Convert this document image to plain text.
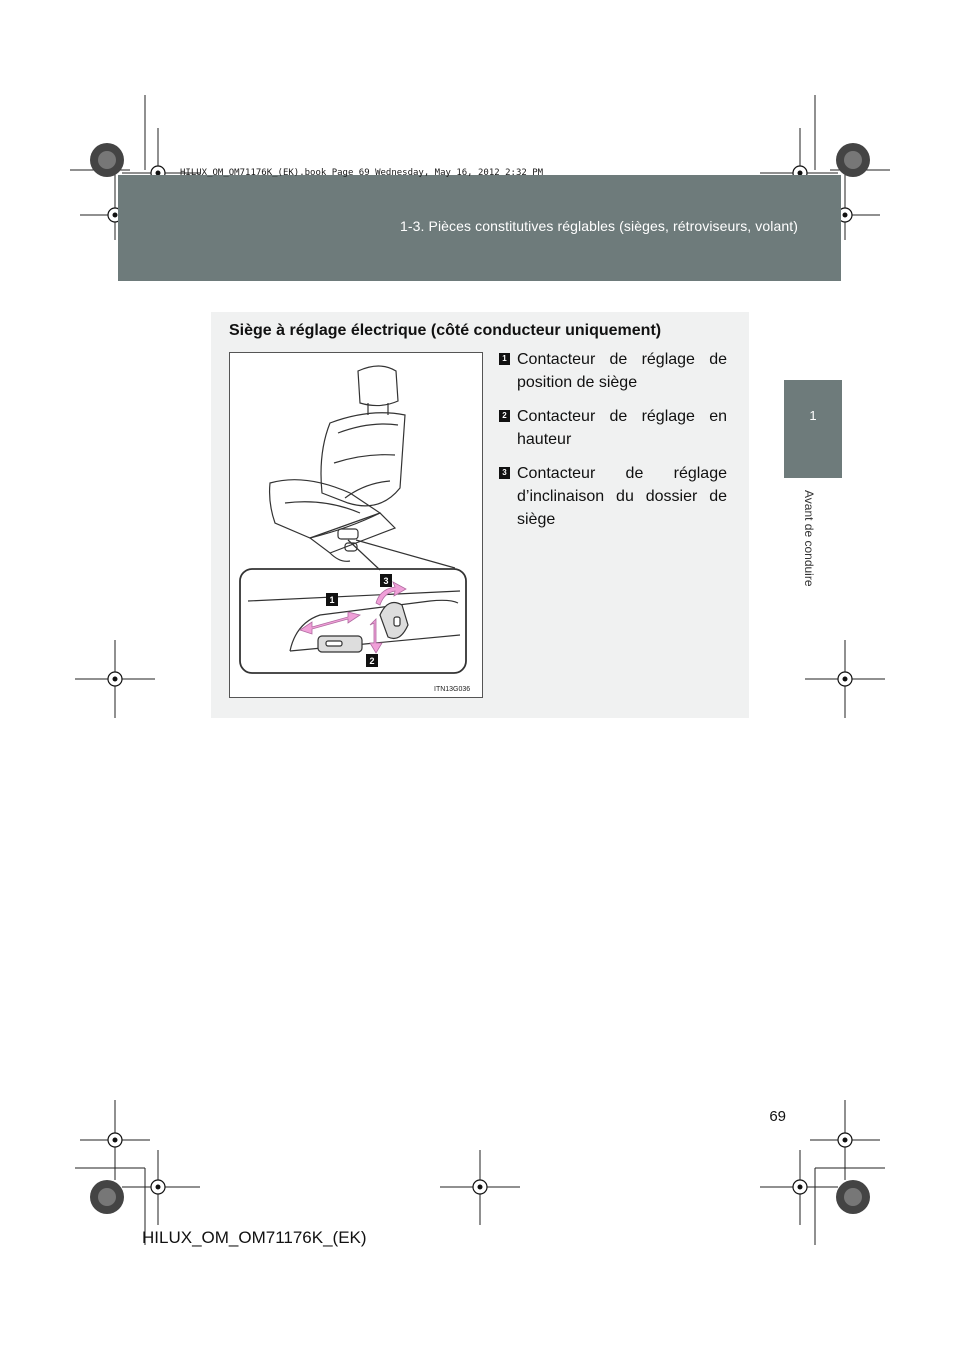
1-3. Pièces constitutives réglables (sièges, rétroviseurs, volant)
HILUX_OM_OM71176K_(EK).book Page 69 Wednesday, May 16, 2012 2:32 PM
1
Avant de conduire
Siège à réglage électrique (côté conducteur uniquement)
1
2
3
ITN13G036
1 Contacteur de réglage de position de siège
2 Contacteur de réglage en hauteur
3 Contacteur de réglage d’inclinaison du dossier de siège
69
HILUX_OM_OM71176K_(EK)
